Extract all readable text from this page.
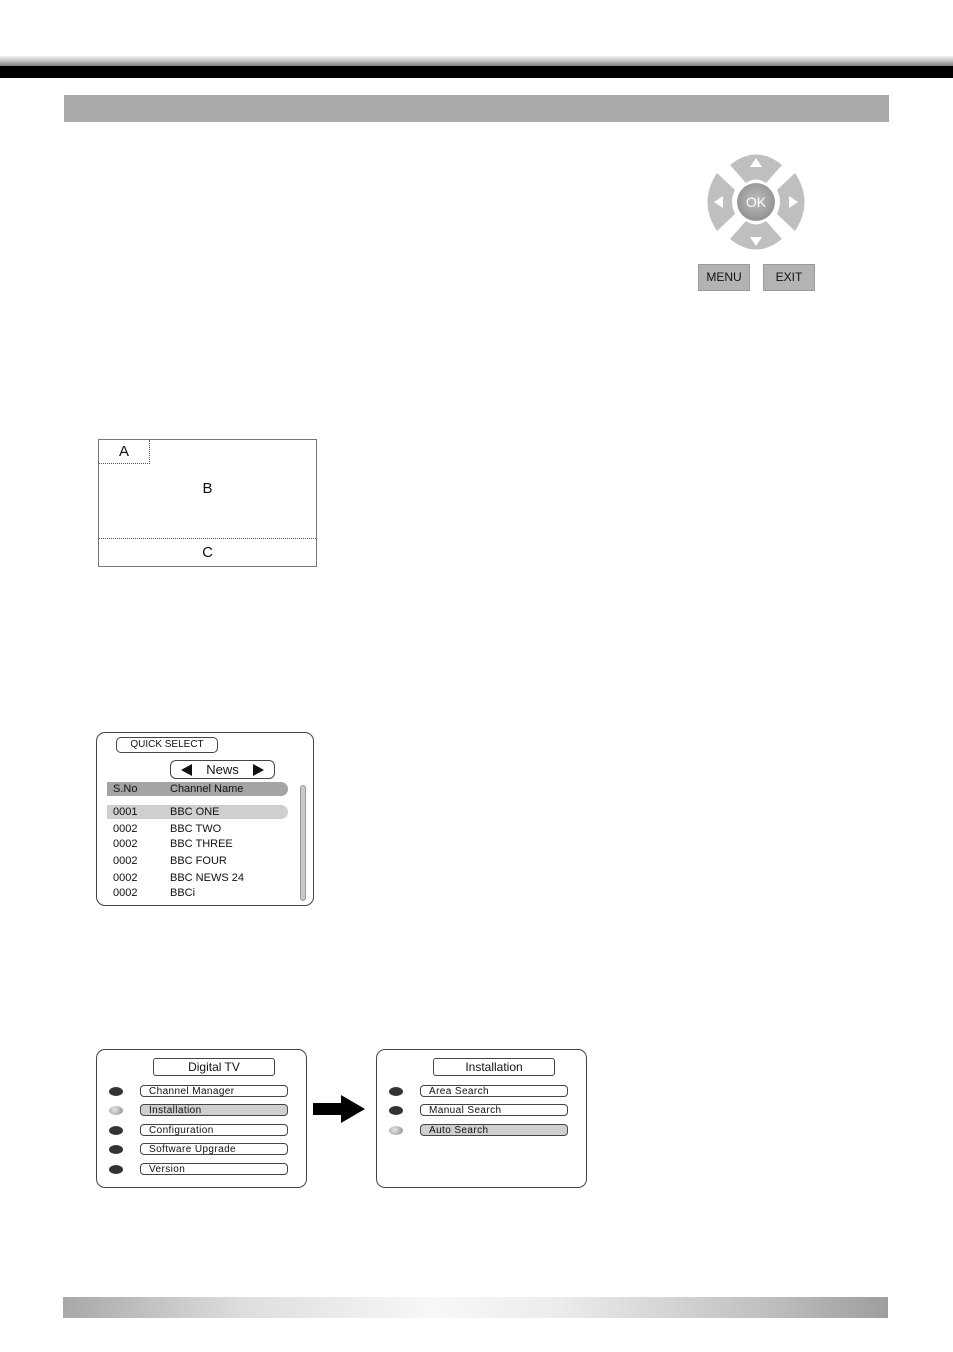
OK
MENU	EXIT
A
B
C
QUICK SELECT
News
S.No	Channel Name
0001	BBC ONE
0002	BBC TWO
0002	BBC THREE
0002	BBC FOUR
0002	BBC NEWS 24
0002	BBCi
Digital TV
Channel Manager
Installation
Configuration
Software Upgrade
Version
Installation
Area Search
Manual Search
Auto Search
